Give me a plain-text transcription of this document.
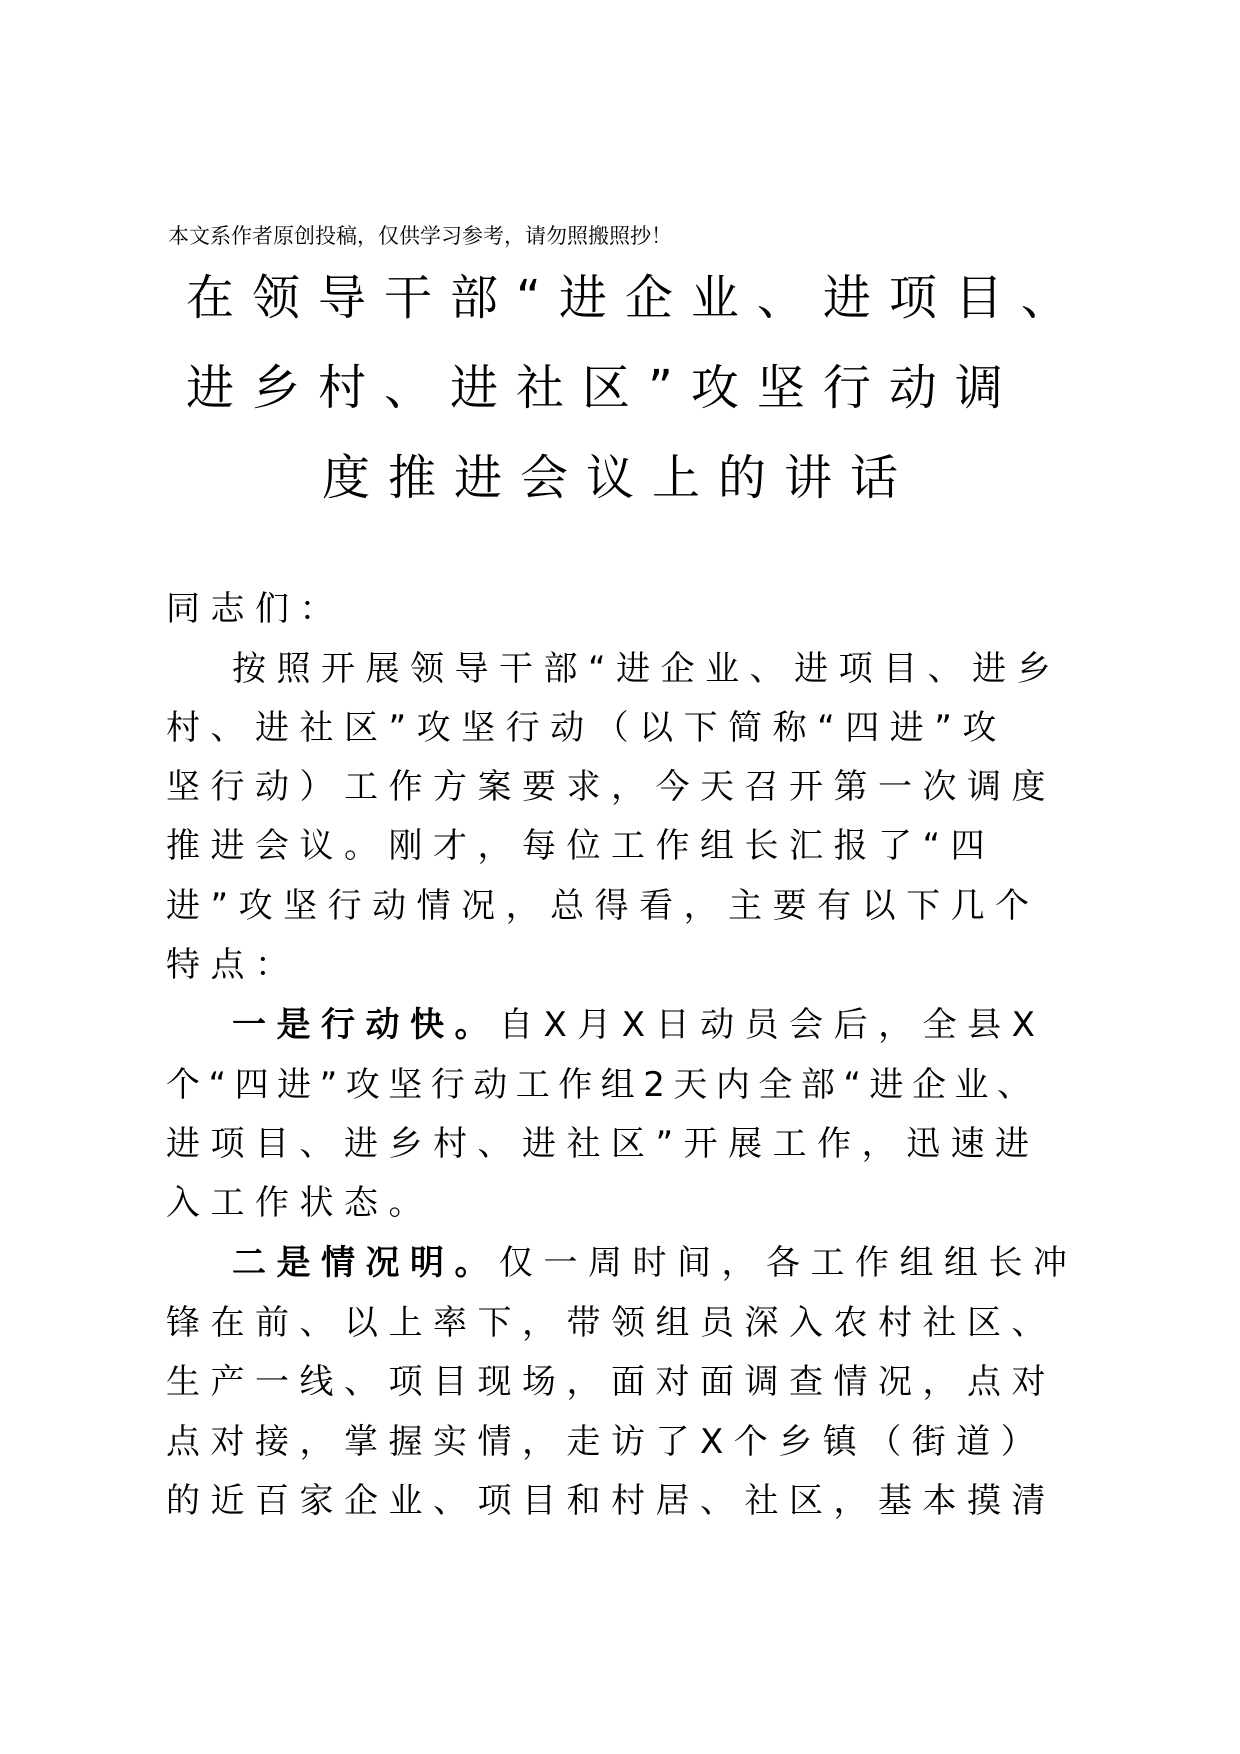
本文系作者原创投稿，仅供学习参考，请勿照搬照抄！
在领导干部“进企业、进项目、
进乡村、进社区”攻坚行动调
度推进会议上的讲话
同志们：
按照开展领导干部“进企业、进项目、进乡
村、进社区”攻坚行动（以下简称“四进”攻
坚行动）工作方案要求，今天召开第一次调度
推进会议。刚才，每位工作组长汇报了“四
进”攻坚行动情况，总得看，主要有以下几个
特点：
一是行动快。自X月X日动员会后，全县X
个“四进”攻坚行动工作组2天内全部“进企业、
进项目、进乡村、进社区”开展工作，迅速进
入工作状态。
二是情况明。仅一周时间，各工作组组长冲
锋在前、以上率下，带领组员深入农村社区、
生产一线、项目现场，面对面调查情况，点对
点对接，掌握实情，走访了X个乡镇（街道）
的近百家企业、项目和村居、社区，基本摸清
